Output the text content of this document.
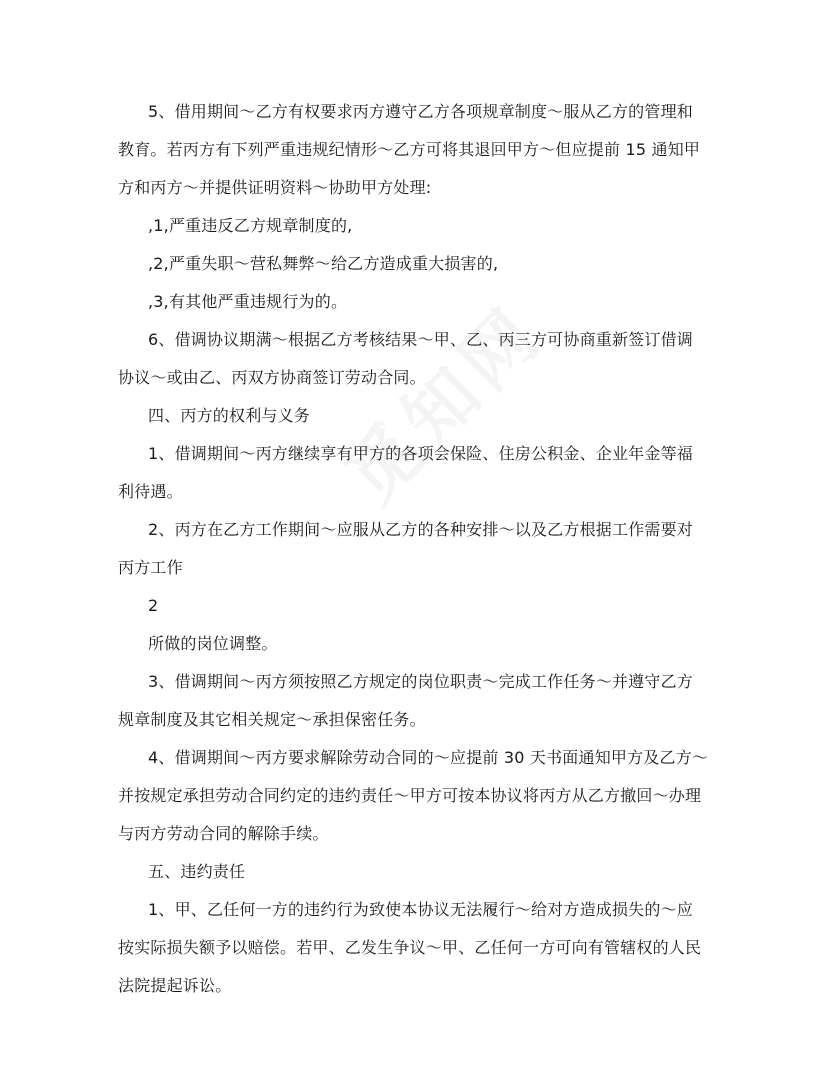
5、借用期间～乙方有权要求丙方遵守乙方各项规章制度～服从乙方的管理和
教育。若丙方有下列严重违规纪情形～乙方可将其退回甲方～但应提前 15 通知甲
方和丙方～并提供证明资料～协助甲方处理:
,1,严重违反乙方规章制度的,
,2,严重失职～营私舞弊～给乙方造成重大损害的,
,3,有其他严重违规行为的。
6、借调协议期满～根据乙方考核结果～甲、乙、丙三方可协商重新签订借调
协议～或由乙、丙双方协商签订劳动合同。
四、丙方的权利与义务
1、借调期间～丙方继续享有甲方的各项会保险、住房公积金、企业年金等福
利待遇。
2、丙方在乙方工作期间～应服从乙方的各种安排～以及乙方根据工作需要对
丙方工作
2
所做的岗位调整。
3、借调期间～丙方须按照乙方规定的岗位职责～完成工作任务～并遵守乙方
规章制度及其它相关规定～承担保密任务。
4、借调期间～丙方要求解除劳动合同的～应提前 30 天书面通知甲方及乙方～
并按规定承担劳动合同约定的违约责任～甲方可按本协议将丙方从乙方撤回～办理
与丙方劳动合同的解除手续。
五、违约责任
1、甲、乙任何一方的违约行为致使本协议无法履行～给对方造成损失的～应
按实际损失额予以赔偿。若甲、乙发生争议～甲、乙任何一方可向有管辖权的人民
法院提起诉讼。
